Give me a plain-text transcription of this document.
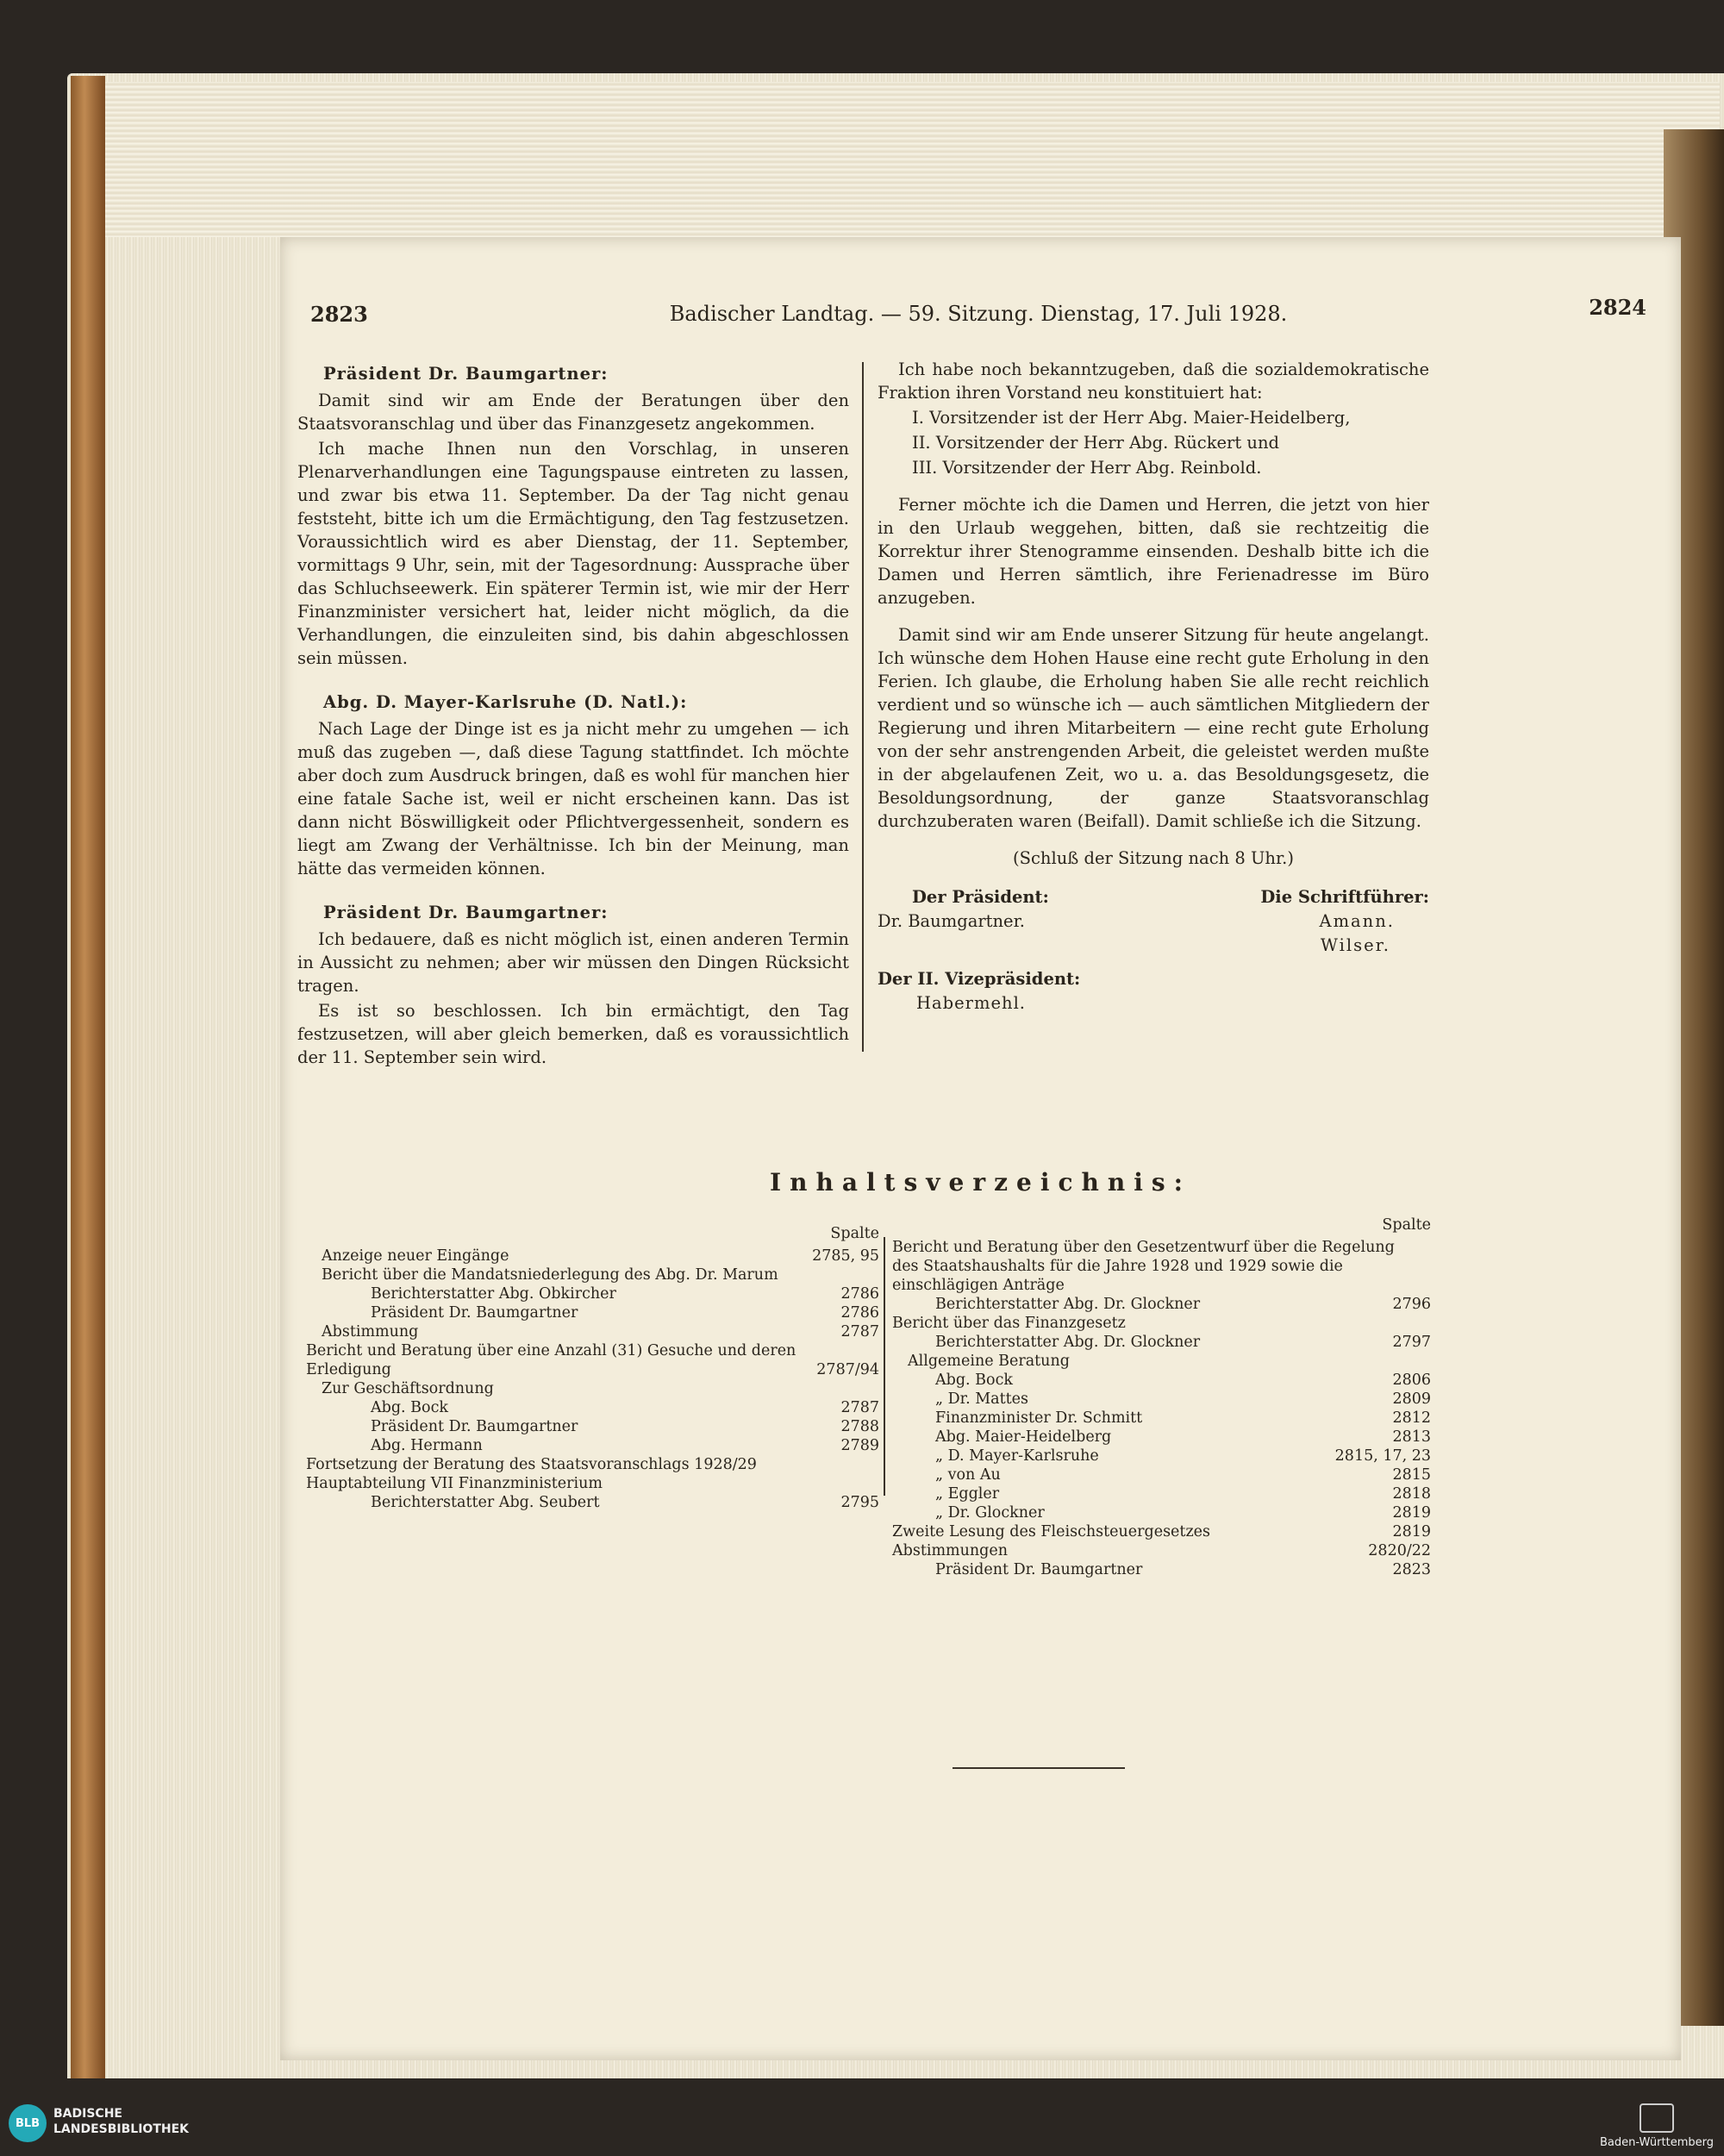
2823	Badischer Landtag. — 59. Sitzung. Dienstag, 17. Juli 1928.	2824
Präsident Dr. Baumgartner:

Damit sind wir am Ende der Beratungen über den Staatsvoranschlag und über das Finanzgesetz angekommen.

Ich mache Ihnen nun den Vorschlag, in unseren Plenarverhandlungen eine Tagungspause eintreten zu lassen, und zwar bis etwa 11. September. Da der Tag nicht genau feststeht, bitte ich um die Ermächtigung, den Tag festzusetzen. Voraussichtlich wird es aber Dienstag, der 11. September, vormittags 9 Uhr, sein, mit der Tagesordnung: Aussprache über das Schluchseewerk. Ein späterer Termin ist, wie mir der Herr Finanzminister versichert hat, leider nicht möglich, da die Verhandlungen, die einzuleiten sind, bis dahin abgeschlossen sein müssen.

Abg. D. Mayer-Karlsruhe (D. Natl.):

Nach Lage der Dinge ist es ja nicht mehr zu umgehen — ich muß das zugeben —, daß diese Tagung stattfindet. Ich möchte aber doch zum Ausdruck bringen, daß es wohl für manchen hier eine fatale Sache ist, weil er nicht erscheinen kann. Das ist dann nicht Böswilligkeit oder Pflichtvergessenheit, sondern es liegt am Zwang der Verhältnisse. Ich bin der Meinung, man hätte das vermeiden können.

Präsident Dr. Baumgartner:

Ich bedauere, daß es nicht möglich ist, einen anderen Termin in Aussicht zu nehmen; aber wir müssen den Dingen Rücksicht tragen.

Es ist so beschlossen. Ich bin ermächtigt, den Tag festzusetzen, will aber gleich bemerken, daß es voraussichtlich der 11. September sein wird.

Ich habe noch bekanntzugeben, daß die sozialdemokratische Fraktion ihren Vorstand neu konstituiert hat:

I. Vorsitzender ist der Herr Abg. Maier-Heidelberg,

II. Vorsitzender der Herr Abg. Rückert und

III. Vorsitzender der Herr Abg. Reinbold.

Ferner möchte ich die Damen und Herren, die jetzt von hier in den Urlaub weggehen, bitten, daß sie rechtzeitig die Korrektur ihrer Stenogramme einsenden. Deshalb bitte ich die Damen und Herren sämtlich, ihre Ferienadresse im Büro anzugeben.

Damit sind wir am Ende unserer Sitzung für heute angelangt. Ich wünsche dem Hohen Hause eine recht gute Erholung in den Ferien. Ich glaube, die Erholung haben Sie alle recht reichlich verdient und so wünsche ich — auch sämtlichen Mitgliedern der Regierung und ihren Mitarbeitern — eine recht gute Erholung von der sehr anstrengenden Arbeit, die geleistet werden mußte in der abgelaufenen Zeit, wo u. a. das Besoldungsgesetz, die Besoldungsordnung, der ganze Staatsvoranschlag durchzuberaten waren (Beifall). Damit schließe ich die Sitzung.

(Schluß der Sitzung nach 8 Uhr.)

Der Präsident:
Dr. Baumgartner.
Die Schriftführer:
Amann.
Wilser.
Der II. Vizepräsident:
Habermehl.
Inhaltsverzeichnis:
Spalte
Anzeige neuer Eingänge	2785, 95
Bericht über die Mandatsniederlegung des Abg. Dr. Marum
Berichterstatter Abg. Obkircher	2786
Präsident Dr. Baumgartner	2786
Abstimmung	2787
Bericht und Beratung über eine Anzahl (31) Gesuche und deren Erledigung	2787/94
Zur Geschäftsordnung
Abg. Bock	2787
Präsident Dr. Baumgartner	2788
Abg. Hermann	2789
Fortsetzung der Beratung des Staatsvoranschlags 1928/29 Hauptabteilung VII Finanzministerium
Berichterstatter Abg. Seubert	2795
Spalte
Bericht und Beratung über den Gesetzentwurf über die Regelung des Staatshaushalts für die Jahre 1928 und 1929 sowie die einschlägigen Anträge
Berichterstatter Abg. Dr. Glockner	2796
Bericht über das Finanzgesetz
Berichterstatter Abg. Dr. Glockner	2797
Allgemeine Beratung
Abg. Bock	2806
„ Dr. Mattes	2809
Finanzminister Dr. Schmitt	2812
Abg. Maier-Heidelberg	2813
„ D. Mayer-Karlsruhe	2815, 17, 23
„ von Au	2815
„ Eggler	2818
„ Dr. Glockner	2819
Zweite Lesung des Fleischsteuergesetzes	2819
Abstimmungen	2820/22
Präsident Dr. Baumgartner	2823
BLB
BADISCHE
LANDESBIBLIOTHEK
Baden-Württemberg
